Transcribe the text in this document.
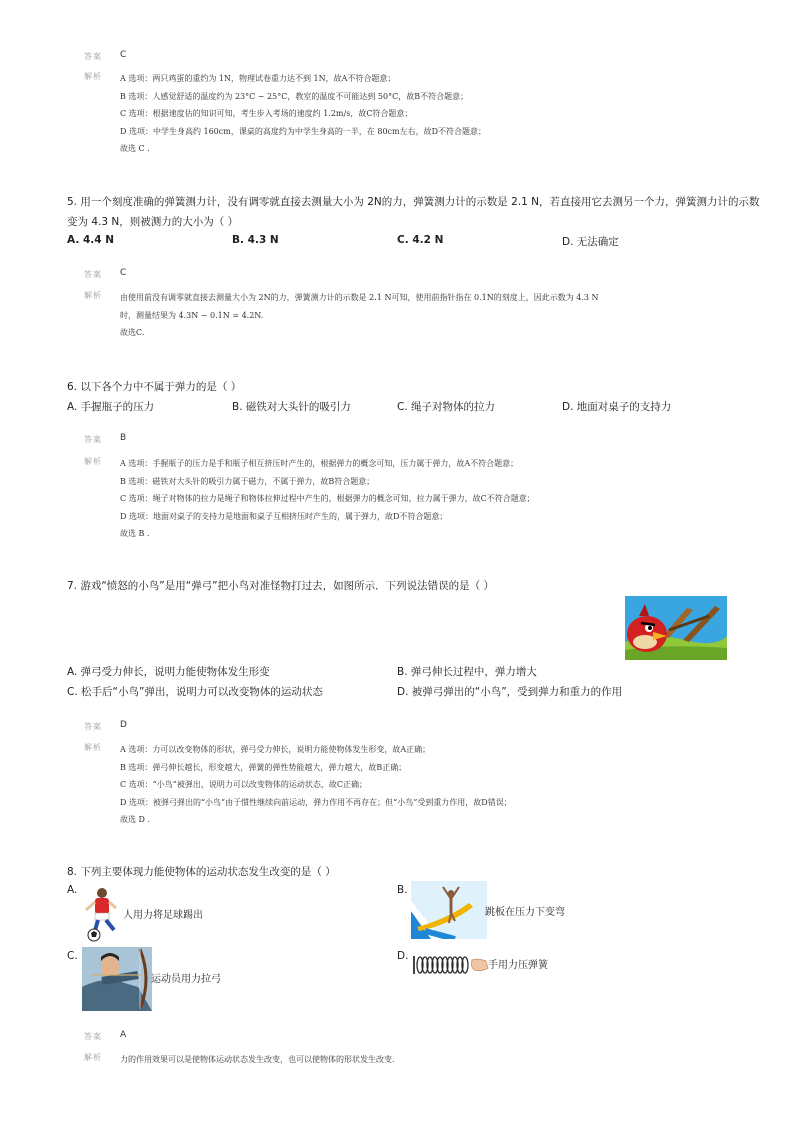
答案	C
解析	A 选项：两只鸡蛋的重约为 1N，物理试卷重力达不到 1N，故A不符合题意；
B 选项：人感觉舒适的温度约为 23°C ~ 25°C，教室的温度不可能达到 50°C，故B不符合题意；
C 选项：根据速度估的知识可知，考生步入考场的速度约 1.2m/s，故C符合题意；
D 选项：中学生身高约 160cm，课桌的高度约为中学生身高的一半，在 80cm左右，故D不符合题意；
故选 C .
5. 用一个刻度准确的弹簧测力计，没有调零就直接去测量大小为 2N的力，弹簧测力计的示数是 2.1 N，若直接用它去测另一个力，弹簧测力计的示数
变为 4.3 N，则被测力的大小为（ ）
A. 4.4 N	B. 4.3 N	C. 4.2 N	D. 无法确定
答案	C
解析	由使用前没有调零就直接去测量大小为 2N的力，弹簧测力计的示数是 2.1 N可知，使用前指针指在 0.1N的刻度上，因此示数为 4.3 N
时，测量结果为 4.3N − 0.1N = 4.2N.
故选C.
6. 以下各个力中不属于弹力的是（ ）
A. 手握瓶子的压力	B. 磁铁对大头针的吸引力	C. 绳子对物体的拉力	D. 地面对桌子的支持力
答案	B
解析	A 选项：手握瓶子的压力是手和瓶子相互挤压时产生的，根据弹力的概念可知，压力属于弹力，故A不符合题意；
B 选项：磁铁对大头针的吸引力属于磁力，不属于弹力，故B符合题意；
C 选项：绳子对物体的拉力是绳子和物体拉伸过程中产生的，根据弹力的概念可知，拉力属于弹力，故C不符合题意；
D 选项：地面对桌子的支持力是地面和桌子互相挤压时产生的，属于弹力，故D不符合题意；
故选 B .
7. 游戏“愤怒的小鸟”是用“弹弓”把小鸟对准怪物打过去，如图所示．下列说法错误的是（ ）
A. 弹弓受力伸长，说明力能使物体发生形变	B. 弹弓伸长过程中，弹力增大
C. 松手后“小鸟”弹出，说明力可以改变物体的运动状态	D. 被弹弓弹出的“小鸟”，受到弹力和重力的作用
答案	D
解析	A 选项：力可以改变物体的形状，弹弓受力伸长，说明力能使物体发生形变，故A正确；
B 选项：弹弓伸长越长，形变越大，弹簧的弹性势能越大，弹力越大，故B正确；
C 选项：“小鸟”被弹出，说明力可以改变物体的运动状态，故C正确；
D 选项：被弹弓弹出的“小鸟”由于惯性继续向前运动，弹力作用不再存在；但“小鸟”受到重力作用，故D错误；
故选 D .
8. 下列主要体现力能使物体的运动状态发生改变的是（ ）
A.
人用力将足球踢出
B.
跳板在压力下变弯
C.
运动员用力拉弓
D.
手用力压弹簧
答案	A
解析	力的作用效果可以是使物体运动状态发生改变，也可以使物体的形状发生改变.
